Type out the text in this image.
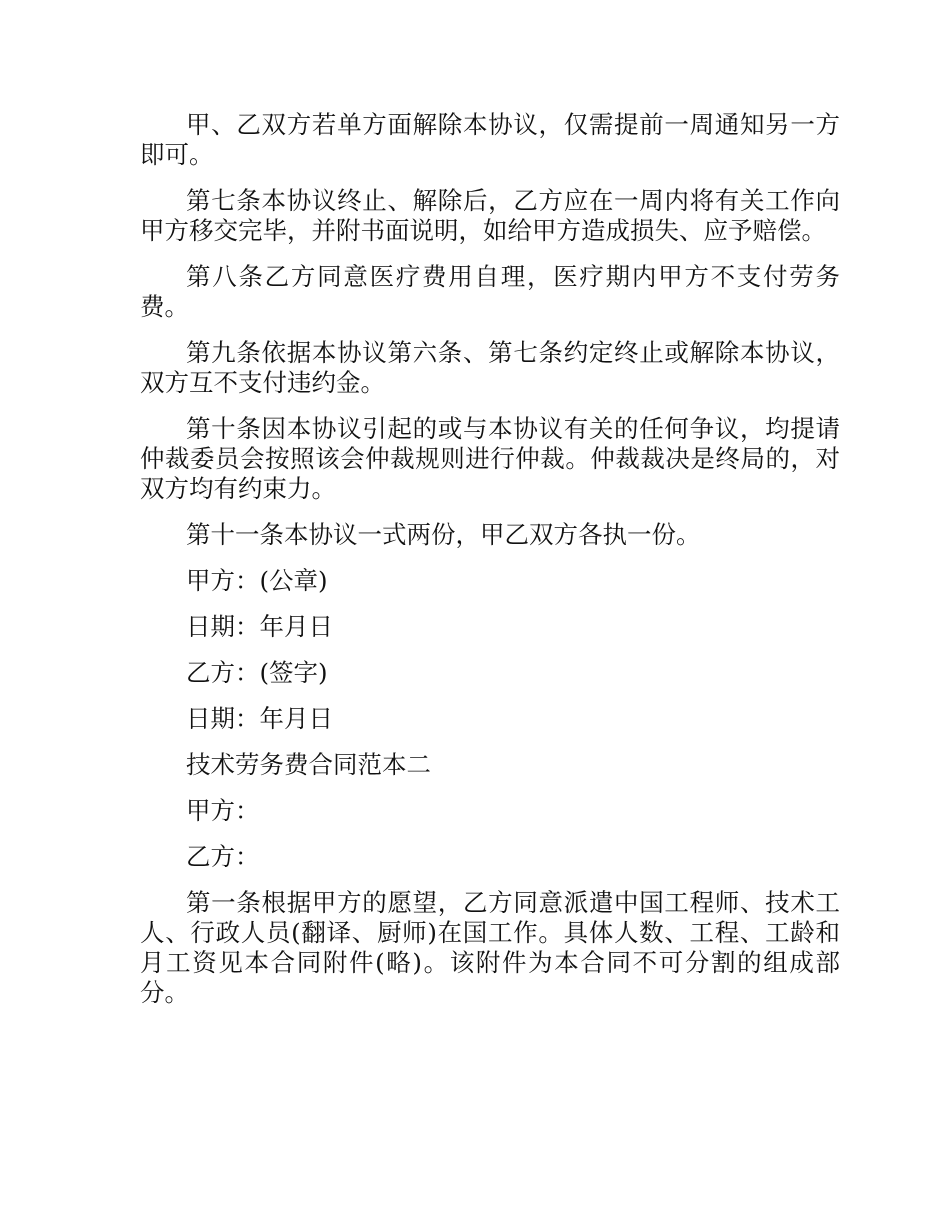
甲、乙双方若单方面解除本协议，仅需提前一周通知另一方即可。

第七条本协议终止、解除后，乙方应在一周内将有关工作向甲方移交完毕，并附书面说明，如给甲方造成损失、应予赔偿。

第八条乙方同意医疗费用自理，医疗期内甲方不支付劳务费。

第九条依据本协议第六条、第七条约定终止或解除本协议，双方互不支付违约金。

第十条因本协议引起的或与本协议有关的任何争议，均提请仲裁委员会按照该会仲裁规则进行仲裁。仲裁裁决是终局的，对双方均有约束力。

第十一条本协议一式两份，甲乙双方各执一份。

甲方：(公章)

日期：年月日

乙方：(签字)

日期：年月日

技术劳务费合同范本二

甲方：

乙方：

第一条根据甲方的愿望，乙方同意派遣中国工程师、技术工人、行政人员(翻译、厨师)在国工作。具体人数、工程、工龄和月工资见本合同附件(略)。该附件为本合同不可分割的组成部分。
